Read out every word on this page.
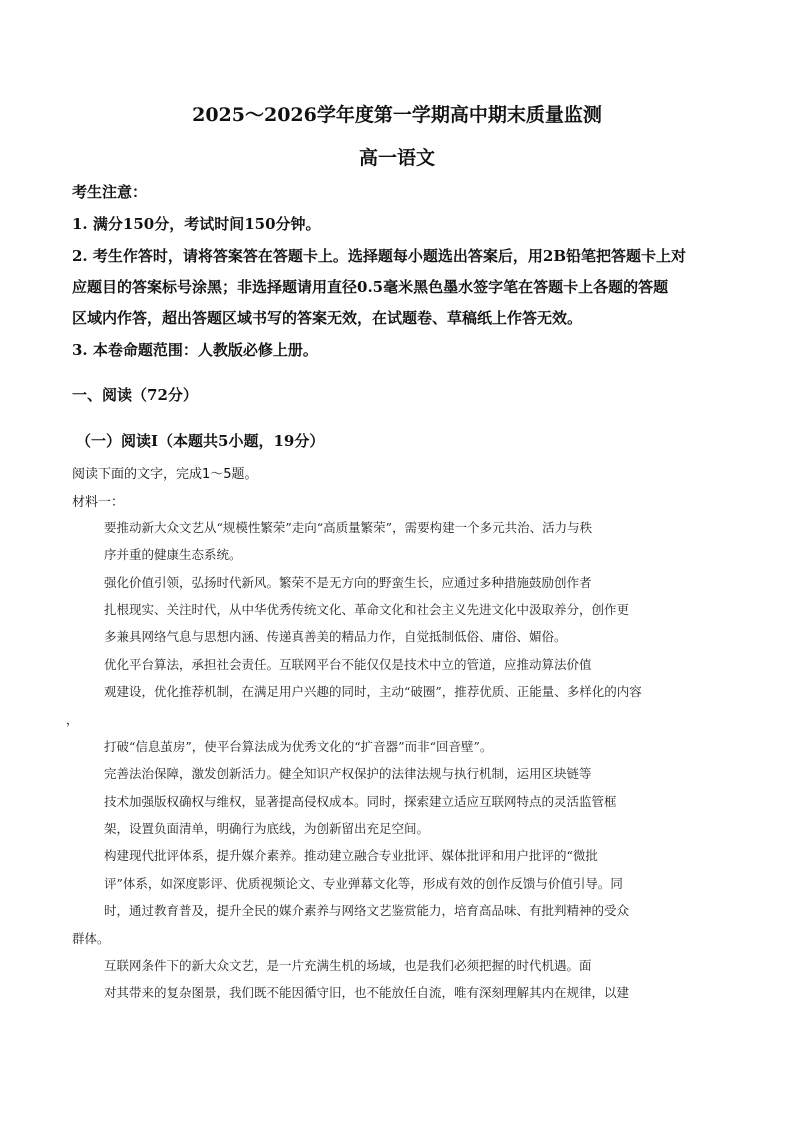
2025～2026学年度第一学期高中期末质量监测
高一语文
考生注意：
1. 满分150分，考试时间150分钟。
2. 考生作答时，请将答案答在答题卡上。选择题每小题选出答案后，用2B铅笔把答题卡上对
应题目的答案标号涂黑；非选择题请用直径0.5毫米黑色墨水签字笔在答题卡上各题的答题
区域内作答，超出答题区域书写的答案无效，在试题卷、草稿纸上作答无效。
3. 本卷命题范围：人教版必修上册。
一、阅读（72分）
（一）阅读Ⅰ（本题共5小题，19分）
阅读下面的文字，完成1～5题。
材料一：
要推动新大众文艺从“规模性繁荣”走向“高质量繁荣”，需要构建一个多元共治、活力与秩
序并重的健康生态系统。
强化价值引领，弘扬时代新风。繁荣不是无方向的野蛮生长，应通过多种措施鼓励创作者
扎根现实、关注时代，从中华优秀传统文化、革命文化和社会主义先进文化中汲取养分，创作更
多兼具网络气息与思想内涵、传递真善美的精品力作，自觉抵制低俗、庸俗、媚俗。
优化平台算法，承担社会责任。互联网平台不能仅仅是技术中立的管道，应推动算法价值
观建设，优化推荐机制，在满足用户兴趣的同时，主动“破圈”，推荐优质、正能量、多样化的内容
，
打破“信息茧房”，使平台算法成为优秀文化的“扩音器”而非“回音壁”。
完善法治保障，激发创新活力。健全知识产权保护的法律法规与执行机制，运用区块链等
技术加强版权确权与维权，显著提高侵权成本。同时，探索建立适应互联网特点的灵活监管框
架，设置负面清单，明确行为底线，为创新留出充足空间。
构建现代批评体系，提升媒介素养。推动建立融合专业批评、媒体批评和用户批评的“微批
评”体系，如深度影评、优质视频论文、专业弹幕文化等，形成有效的创作反馈与价值引导。同
时，通过教育普及，提升全民的媒介素养与网络文艺鉴赏能力，培育高品味、有批判精神的受众
群体。
互联网条件下的新大众文艺，是一片充满生机的场域，也是我们必须把握的时代机遇。面
对其带来的复杂图景，我们既不能因循守旧，也不能放任自流，唯有深刻理解其内在规律，以建
